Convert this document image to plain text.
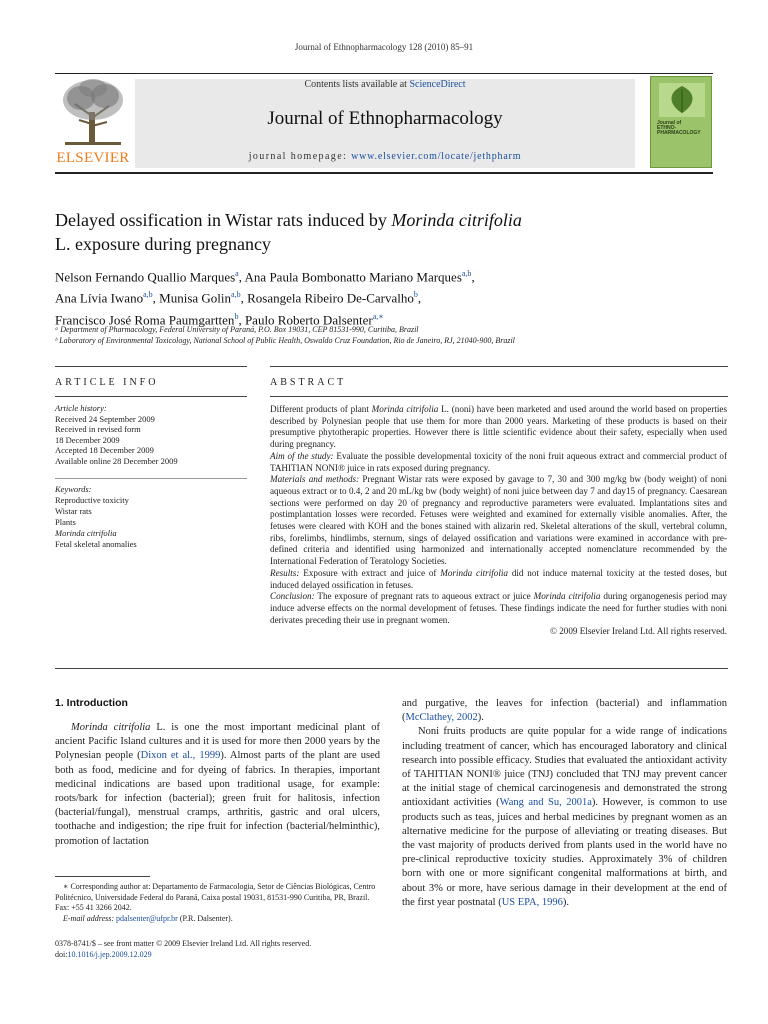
Journal of Ethnopharmacology 128 (2010) 85–91
ELSEVIER
Contents lists available at ScienceDirect
Journal of Ethnopharmacology
journal homepage: www.elsevier.com/locate/jethpharm
Journal of
ETHNO-
PHARMACOLOGY
Delayed ossification in Wistar rats induced by Morinda citrifolia
L. exposure during pregnancy
Nelson Fernando Quallio Marques$^a$, Ana Paula Bombonatto Mariano Marques$^{a,b}$,
Ana Lívia Iwano$^{a,b}$, Munisa Golin$^{a,b}$, Rosangela Ribeiro De-Carvalho$^b$,
Francisco José Roma Paumgartten$^b$, Paulo Roberto Dalsenter$^{a,∗}$
ᵃ Department of Pharmacology, Federal University of Paraná, P.O. Box 19031, CEP 81531-990, Curitiba, Brazil
ᵇ Laboratory of Environmental Toxicology, National School of Public Health, Oswaldo Cruz Foundation, Rio de Janeiro, RJ, 21040-900, Brazil
ARTICLE INFO	ABSTRACT
Article history:
Received 24 September 2009
Received in revised form
18 December 2009
Accepted 18 December 2009
Available online 28 December 2009
Keywords:
Reproductive toxicity
Wistar rats
Plants
Morinda citrifolia
Fetal skeletal anomalies
Different products of plant Morinda citrifolia L. (noni) have been marketed and used around the world based on properties described by Polynesian people that use them for more than 2000 years. Marketing of these products is based on their presumptive phytotherapic properties. However there is little scientific evidence about their safety, especially when used during pregnancy.
Aim of the study: Evaluate the possible developmental toxicity of the noni fruit aqueous extract and commercial product of TAHITIAN NONI® juice in rats exposed during pregnancy.
Materials and methods: Pregnant Wistar rats were exposed by gavage to 7, 30 and 300 mg/kg bw (body weight) of noni aqueous extract or to 0.4, 2 and 20 mL/kg bw (body weight) of noni juice between day 7 and day15 of pregnancy. Caesarean sections were performed on day 20 of pregnancy and reproductive parameters were evaluated. Implantations sites and postimplantation losses were recorded. Fetuses were weighted and examined for externally visible anomalies. After, the fetuses were cleared with KOH and the bones stained with alizarin red. Skeletal alterations of the skull, vertebral column, ribs, forelimbs, hindlimbs, sternum, sings of delayed ossification and variations were examined in accordance with pre-defined criteria and identified using harmonized and internationally accepted nomenclature recommended by the International Federation of Teratology Societies.
Results: Exposure with extract and juice of Morinda citrifolia did not induce maternal toxicity at the tested doses, but induced delayed ossification in fetuses.
Conclusion: The exposure of pregnant rats to aqueous extract or juice Morinda citrifolia during organogenesis period may induce adverse effects on the normal development of fetuses. These findings indicate the need for further studies with noni derivates preceding their use in pregnant women.
© 2009 Elsevier Ireland Ltd. All rights reserved.
1. Introduction
Morinda citrifolia L. is one the most important medicinal plant of ancient Pacific Island cultures and it is used for more then 2000 years by the Polynesian people (Dixon et al., 1999). Almost parts of the plant are used both as food, medicine and for dyeing of fabrics. In therapies, important medicinal indications are based upon traditional usage, for example: roots/bark for infection (bacterial); green fruit for halitosis, infection (bacterial/fungal), menstrual cramps, arthritis, gastric and oral ulcers, toothache and indigestion; the ripe fruit for infection (bacterial/helminthic), promotion of lactation
and purgative, the leaves for infection (bacterial) and inflammation (McClathey, 2002).
Noni fruits products are quite popular for a wide range of indications including treatment of cancer, which has encouraged laboratory and clinical research into possible efficacy. Studies that evaluated the antioxidant activity of TAHITIAN NONI® juice (TNJ) concluded that TNJ may prevent cancer at the initial stage of chemical carcinogenesis and demonstrated the strong antioxidant activities (Wang and Su, 2001a). However, is common to use products such as teas, juices and herbal medicines by pregnant women as an alternative medicine for the purpose of alleviating or treating diseases. But the vast majority of products derived from plants used in the world have no pre-clinical reproductive toxicity studies. Approximately 3% of children born with one or more significant congenital malformations at birth, and about 3% or more, have serious damage in their development at the end of the first year postnatal (US EPA, 1996).
∗ Corresponding author at: Departamento de Farmacologia, Setor de Ciências Biológicas, Centro Politécnico, Universidade Federal do Paraná, Caixa postal 19031, 81531-990 Curitiba, PR, Brazil. Fax: +55 41 3266 2042.
E-mail address: pdalsenter@ufpr.br (P.R. Dalsenter).
0378-8741/$ – see front matter © 2009 Elsevier Ireland Ltd. All rights reserved.
doi:10.1016/j.jep.2009.12.029
